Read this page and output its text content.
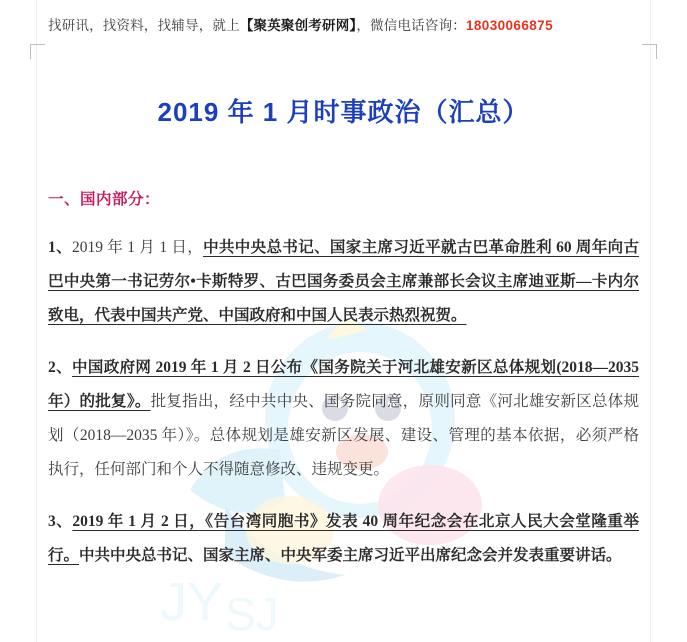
JY SJ
找研讯，找资料，找辅导，就上【聚英聚创考研网】，微信电话咨询：18030066875
2019 年 1 月时事政治（汇总）
一、国内部分：

1、2019 年 1 月 1 日，中共中央总书记、国家主席习近平就古巴革命胜利 60 周年向古巴中央第一书记劳尔•卡斯特罗、古巴国务委员会主席兼部长会议主席迪亚斯—卡内尔致电，代表中国共产党、中国政府和中国人民表示热烈祝贺。

2、中国政府网 2019 年 1 月 2 日公布《国务院关于河北雄安新区总体规划(2018—2035 年）的批复》。批复指出，经中共中央、国务院同意，原则同意《河北雄安新区总体规划（2018—2035 年）》。总体规划是雄安新区发展、建设、管理的基本依据，必须严格执行，任何部门和个人不得随意修改、违规变更。

3、2019 年 1 月 2 日，《告台湾同胞书》发表 40 周年纪念会在北京人民大会堂隆重举行。中共中央总书记、国家主席、中央军委主席习近平出席纪念会并发表重要讲话。
